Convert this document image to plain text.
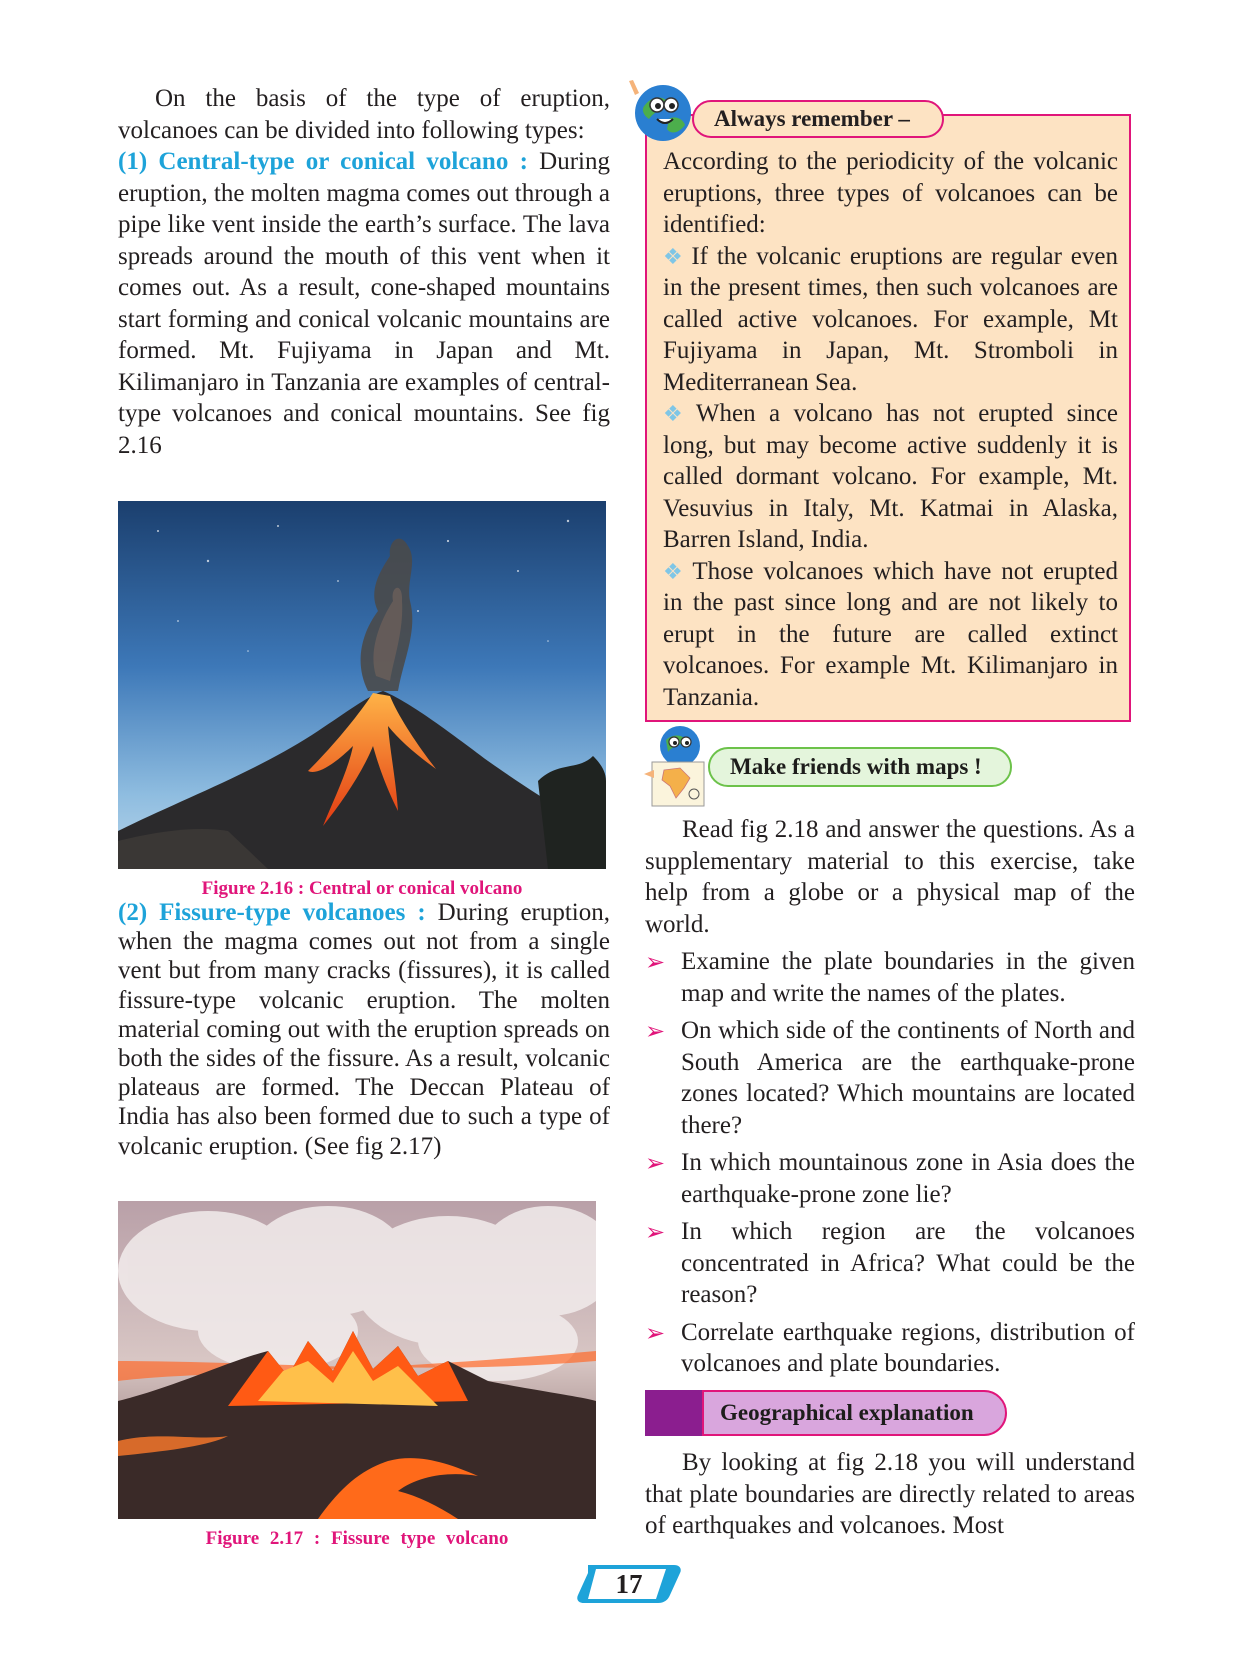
On the basis of the type of eruption, volcanoes can be divided into following types:

(1) Central-type or conical volcano : During eruption, the molten magma comes out through a pipe like vent inside the earth’s surface. The lava spreads around the mouth of this vent when it comes out. As a result, cone-shaped mountains start forming and conical volcanic mountains are formed. Mt. Fujiyama in Japan and Mt. Kilimanjaro in Tanzania are examples of central-type volcanoes and conical mountains. See fig 2.16

Figure 2.16 : Central or conical volcano

(2) Fissure-type volcanoes : During eruption, when the magma comes out not from a single vent but from many cracks (fissures), it is called fissure-type volcanic eruption. The molten material coming out with the eruption spreads on both the sides of the fissure. As a result, volcanic plateaus are formed. The Deccan Plateau of India has also been formed due to such a type of volcanic eruption. (See fig 2.17)

Figure 2.17 : Fissure type volcano
Always remember –

According to the periodicity of the volcanic eruptions, three types of volcanoes can be identified:

❖ If the volcanic eruptions are regular even in the present times, then such volcanoes are called active volcanoes. For example, Mt Fujiyama in Japan, Mt. Stromboli in Mediterranean Sea.

❖ When a volcano has not erupted since long, but may become active suddenly it is called dormant volcano. For example, Mt. Vesuvius in Italy, Mt. Katmai in Alaska, Barren Island, India.

❖ Those volcanoes which have not erupted in the past since long and are not likely to erupt in the future are called extinct volcanoes. For example Mt. Kilimanjaro in Tanzania.

Make friends with maps !

Read fig 2.18 and answer the questions. As a supplementary material to this exercise, take help from a globe or a physical map of the world.

➢ Examine the plate boundaries in the given map and write the names of the plates.
➢ On which side of the continents of North and South America are the earthquake-prone zones located? Which mountains are located there?
➢ In which mountainous zone in Asia does the earthquake-prone zone lie?
➢ In which region are the volcanoes concentrated in Africa? What could be the reason?
➢ Correlate earthquake regions, distribution of volcanoes and plate boundaries.
Geographical explanation

By looking at fig 2.18 you will understand that plate boundaries are directly related to areas of earthquakes and volcanoes. Most

17
